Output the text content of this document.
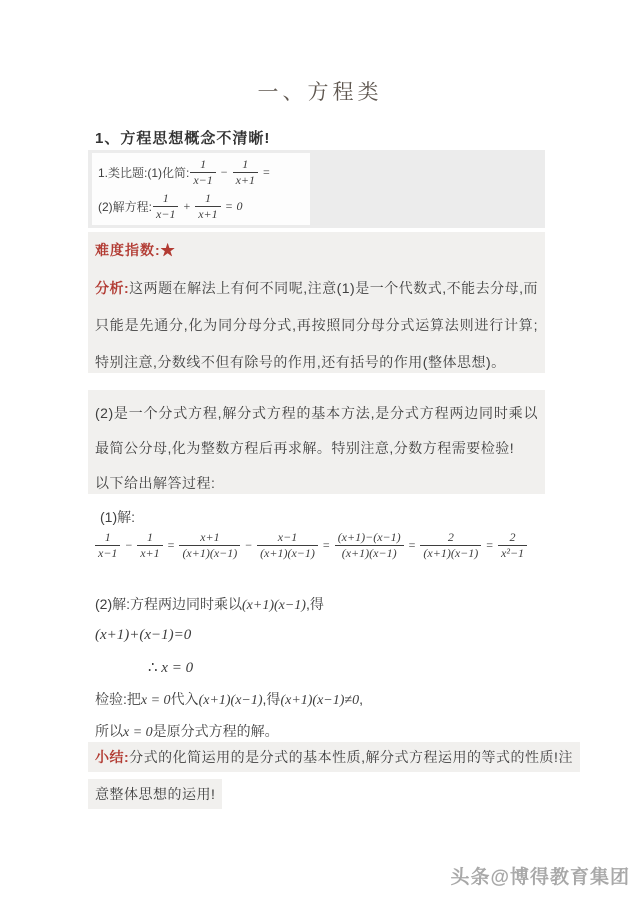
一、方程类
1、方程思想概念不清晰!
1.类比题:(1)化简: $\frac{1}{x-1} - \frac{1}{x+1}$ =
(2)解方程: $\frac{1}{x-1} + \frac{1}{x+1} = 0$
难度指数:★

分析:这两题在解法上有何不同呢,注意(1)是一个代数式,不能去分母,而只能是先通分,化为同分母分式,再按照同分母分式运算法则进行计算;特别注意,分数线不但有除号的作用,还有括号的作用(整体思想)。

(2)是一个分式方程,解分式方程的基本方法,是分式方程两边同时乘以最简公分母,化为整数方程后再求解。特别注意,分数方程需要检验!
以下给出解答过程:

(1)解:
$\frac{1}{x-1} - \frac{1}{x+1} = \frac{x+1}{(x+1)(x-1)} - \frac{x-1}{(x+1)(x-1)} = \frac{(x+1)-(x-1)}{(x+1)(x-1)} = \frac{2}{(x+1)(x-1)} = \frac{2}{\text{x²−1}}$
(2)解:方程两边同时乘以(x+1)(x−1),得
(x+1)+(x−1)=0
∴ x = 0
检验:把x = 0代入(x+1)(x−1),得(x+1)(x−1)≠0,
所以x = 0是原分式方程的解。
小结:分式的化简运用的是分式的基本性质,解分式方程运用的等式的性质!注
意整体思想的运用!
头条@博得教育集团
